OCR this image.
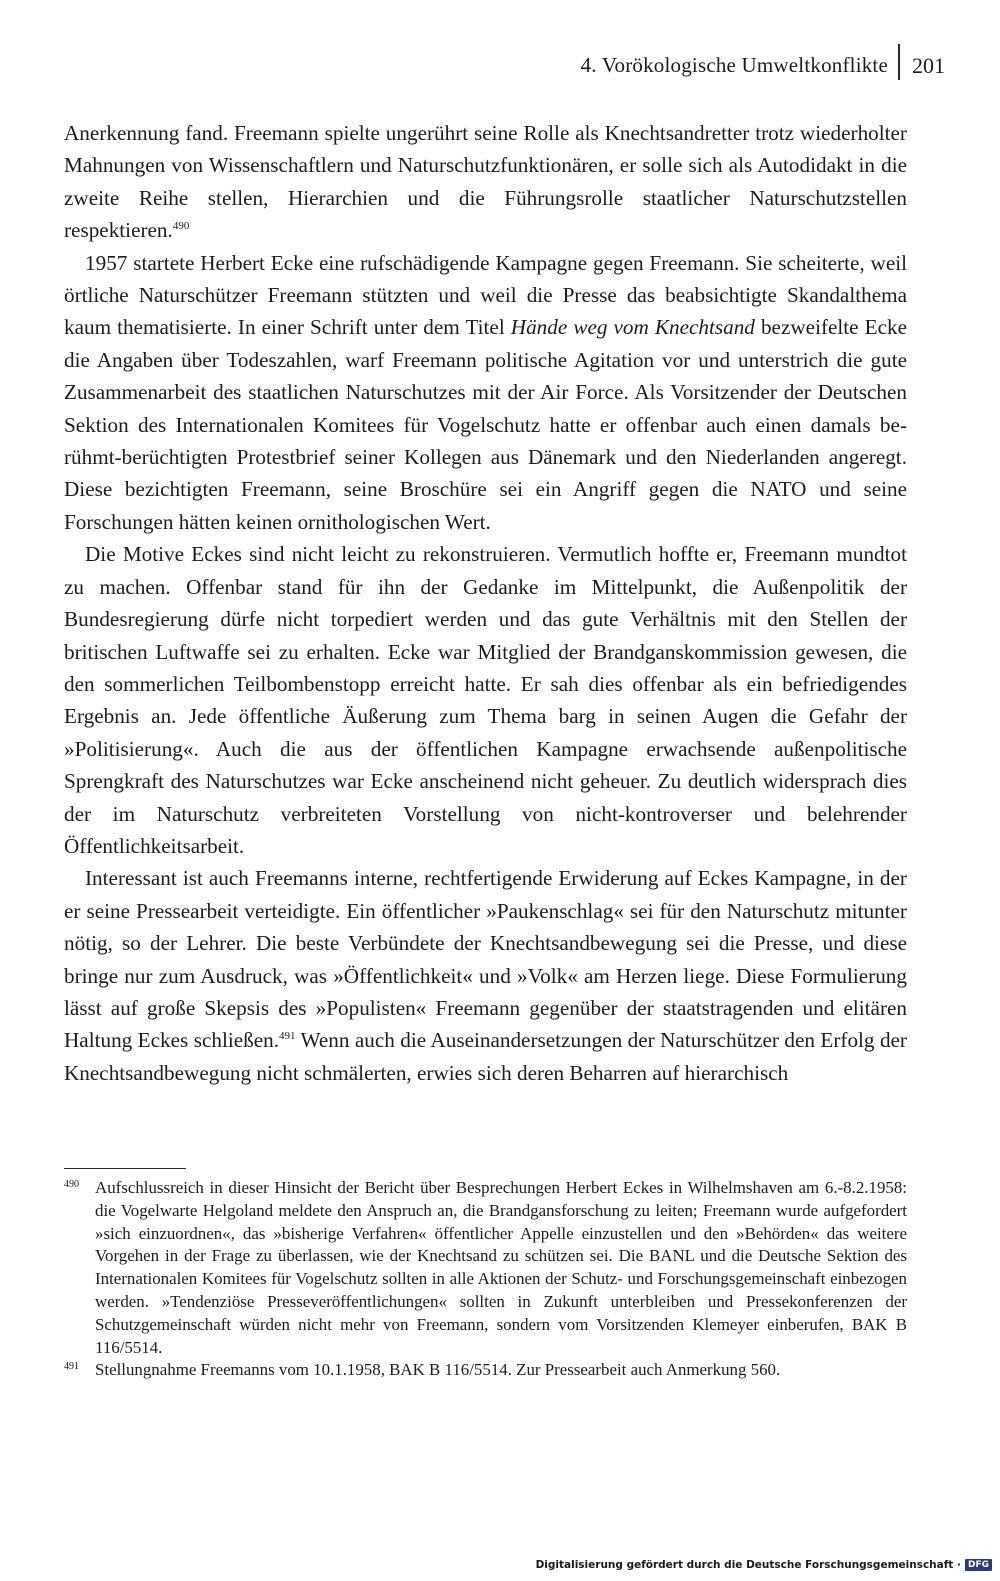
4. Vorökologische Umweltkonflikte 201

Anerkennung fand. Freemann spielte ungerührt seine Rolle als Knechtsandretter trotz wiederholter Mahnungen von Wissenschaftlern und Naturschutzfunktionären, er solle sich als Autodidakt in die zweite Reihe stellen, Hierarchien und die Führungsrolle staatlicher Naturschutzstellen respektieren.$^{490}$

1957 startete Herbert Ecke eine rufschädigende Kampagne gegen Freemann. Sie scheiterte, weil örtliche Naturschützer Freemann stützten und weil die Presse das beabsichtigte Skandalthema kaum thematisierte. In einer Schrift unter dem Titel Hände weg vom Knechtsand bezweifelte Ecke die Angaben über Todeszahlen, warf Freemann politische Agitation vor und unterstrich die gute Zusammenarbeit des staatlichen Naturschutzes mit der Air Force. Als Vorsitzender der Deutschen Sektion des Internationalen Komitees für Vogelschutz hatte er offenbar auch einen damals berühmt-berüchtigten Protestbrief seiner Kollegen aus Dänemark und den Niederlanden angeregt. Diese bezichtigten Freemann, seine Broschüre sei ein Angriff gegen die NATO und seine Forschungen hätten keinen ornithologischen Wert.

Die Motive Eckes sind nicht leicht zu rekonstruieren. Vermutlich hoffte er, Freemann mundtot zu machen. Offenbar stand für ihn der Gedanke im Mittelpunkt, die Außenpolitik der Bundesregierung dürfe nicht torpediert werden und das gute Verhältnis mit den Stellen der britischen Luftwaffe sei zu erhalten. Ecke war Mitglied der Brandganskommission gewesen, die den sommerlichen Teilbombenstopp erreicht hatte. Er sah dies offenbar als ein befriedigendes Ergebnis an. Jede öffentliche Äußerung zum Thema barg in seinen Augen die Gefahr der »Politisierung«. Auch die aus der öffentlichen Kampagne erwachsende außenpolitische Sprengkraft des Naturschutzes war Ecke anscheinend nicht geheuer. Zu deutlich widersprach dies der im Naturschutz verbreiteten Vorstellung von nicht-kontroverser und belehrender Öffentlichkeitsarbeit.

Interessant ist auch Freemanns interne, rechtfertigende Erwiderung auf Eckes Kampagne, in der er seine Pressearbeit verteidigte. Ein öffentlicher »Paukenschlag« sei für den Naturschutz mitunter nötig, so der Lehrer. Die beste Verbündete der Knechtsandbewegung sei die Presse, und diese bringe nur zum Ausdruck, was »Öffentlichkeit« und »Volk« am Herzen liege. Diese Formulierung lässt auf große Skepsis des »Populisten« Freemann gegenüber der staatstragenden und elitären Haltung Eckes schließen.$^{491}$ Wenn auch die Auseinandersetzungen der Naturschützer den Erfolg der Knechtsandbewegung nicht schmälerten, erwies sich deren Beharren auf hierarchisch

490 Aufschlussreich in dieser Hinsicht der Bericht über Besprechungen Herbert Eckes in Wilhelmshaven am 6.-8.2.1958: die Vogelwarte Helgoland meldete den Anspruch an, die Brandgansforschung zu leiten; Freemann wurde aufgefordert »sich einzuordnen«, das »bisherige Verfahren« öffentlicher Appelle einzustellen und den »Behörden« das weitere Vorgehen in der Frage zu überlassen, wie der Knechtsand zu schützen sei. Die BANL und die Deutsche Sektion des Internationalen Komitees für Vogelschutz sollten in alle Aktionen der Schutz- und Forschungsgemeinschaft einbezogen werden. »Tendenziöse Presseveröffentlichungen« sollten in Zukunft unterbleiben und Pressekonferenzen der Schutzgemeinschaft würden nicht mehr von Freemann, sondern vom Vorsitzenden Klemeyer einberufen, BAK B 116/5514.
491 Stellungnahme Freemanns vom 10.1.1958, BAK B 116/5514. Zur Pressearbeit auch Anmerkung 560.
Digitalisierung gefördert durch die Deutsche Forschungsgemeinschaft · DFG
